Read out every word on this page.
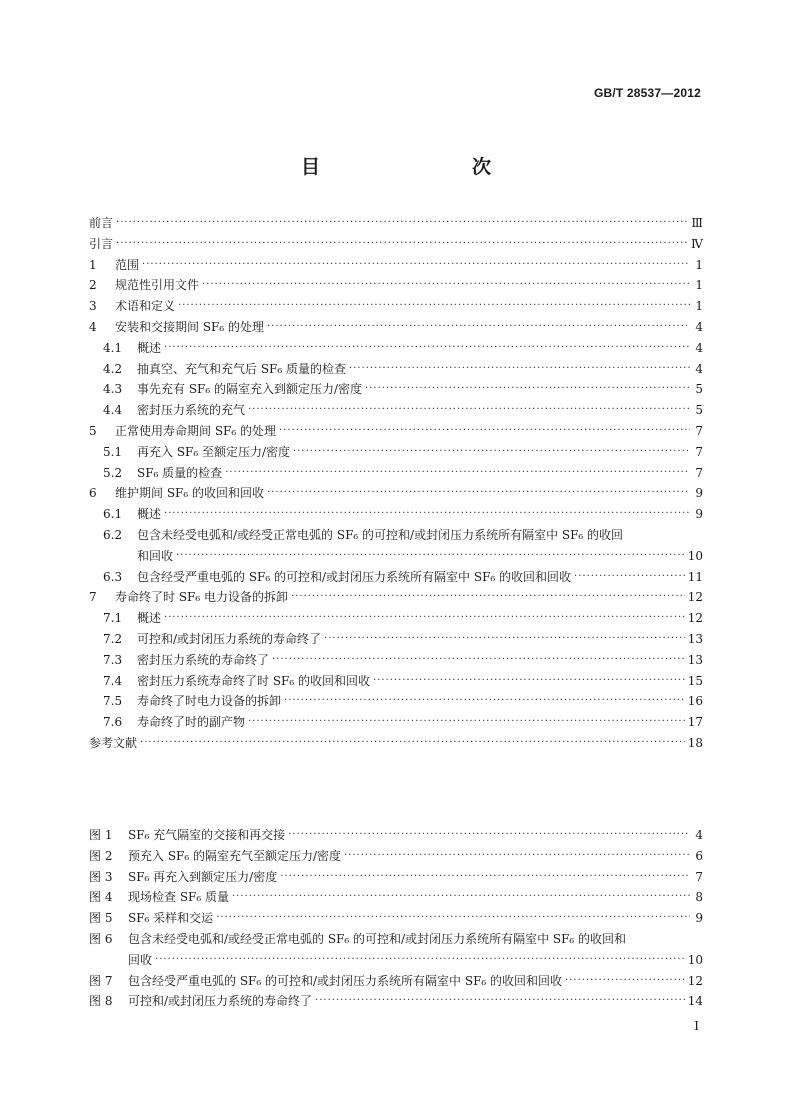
GB/T 28537—2012
目　　次
前言 ·····	Ⅲ
引言 ·····	Ⅳ
1	范围 ·····	1
2	规范性引用文件 ·····	1
3	术语和定义 ·····	1
4	安装和交接期间 SF₆ 的处理 ·····	4
4.1	概述 ·····	4
4.2	抽真空、充气和充气后 SF₆ 质量的检查 ·····	4
4.3	事先充有 SF₆ 的隔室充入到额定压力/密度 ·····	5
4.4	密封压力系统的充气 ·····	5
5	正常使用寿命期间 SF₆ 的处理 ·····	7
5.1	再充入 SF₆ 至额定压力/密度 ·····	7
5.2	SF₆ 质量的检查 ·····	7
6	维护期间 SF₆ 的收回和回收 ·····	9
6.1	概述 ·····	9
6.2	包含未经受电弧和/或经受正常电弧的 SF₆ 的可控和/或封闭压力系统所有隔室中 SF₆ 的收回
和回收 ·····	10
6.3	包含经受严重电弧的 SF₆ 的可控和/或封闭压力系统所有隔室中 SF₆ 的收回和回收 ·····	11
7	寿命终了时 SF₆ 电力设备的拆卸 ·····	12
7.1	概述 ·····	12
7.2	可控和/或封闭压力系统的寿命终了 ·····	13
7.3	密封压力系统的寿命终了 ·····	13
7.4	密封压力系统寿命终了时 SF₆ 的收回和回收 ·····	15
7.5	寿命终了时电力设备的拆卸 ·····	16
7.6	寿命终了时的副产物 ·····	17
参考文献 ·····	18
图 1	SF₆ 充气隔室的交接和再交接 ·····	4
图 2	预充入 SF₆ 的隔室充气至额定压力/密度 ·····	6
图 3	SF₆ 再充入到额定压力/密度 ·····	7
图 4	现场检查 SF₆ 质量 ·····	8
图 5	SF₆ 采样和交运 ·····	9
图 6	包含未经受电弧和/或经受正常电弧的 SF₆ 的可控和/或封闭压力系统所有隔室中 SF₆ 的收回和
回收 ·····	10
图 7	包含经受严重电弧的 SF₆ 的可控和/或封闭压力系统所有隔室中 SF₆ 的收回和回收 ·····	12
图 8	可控和/或封闭压力系统的寿命终了 ·····	14
Ⅰ
